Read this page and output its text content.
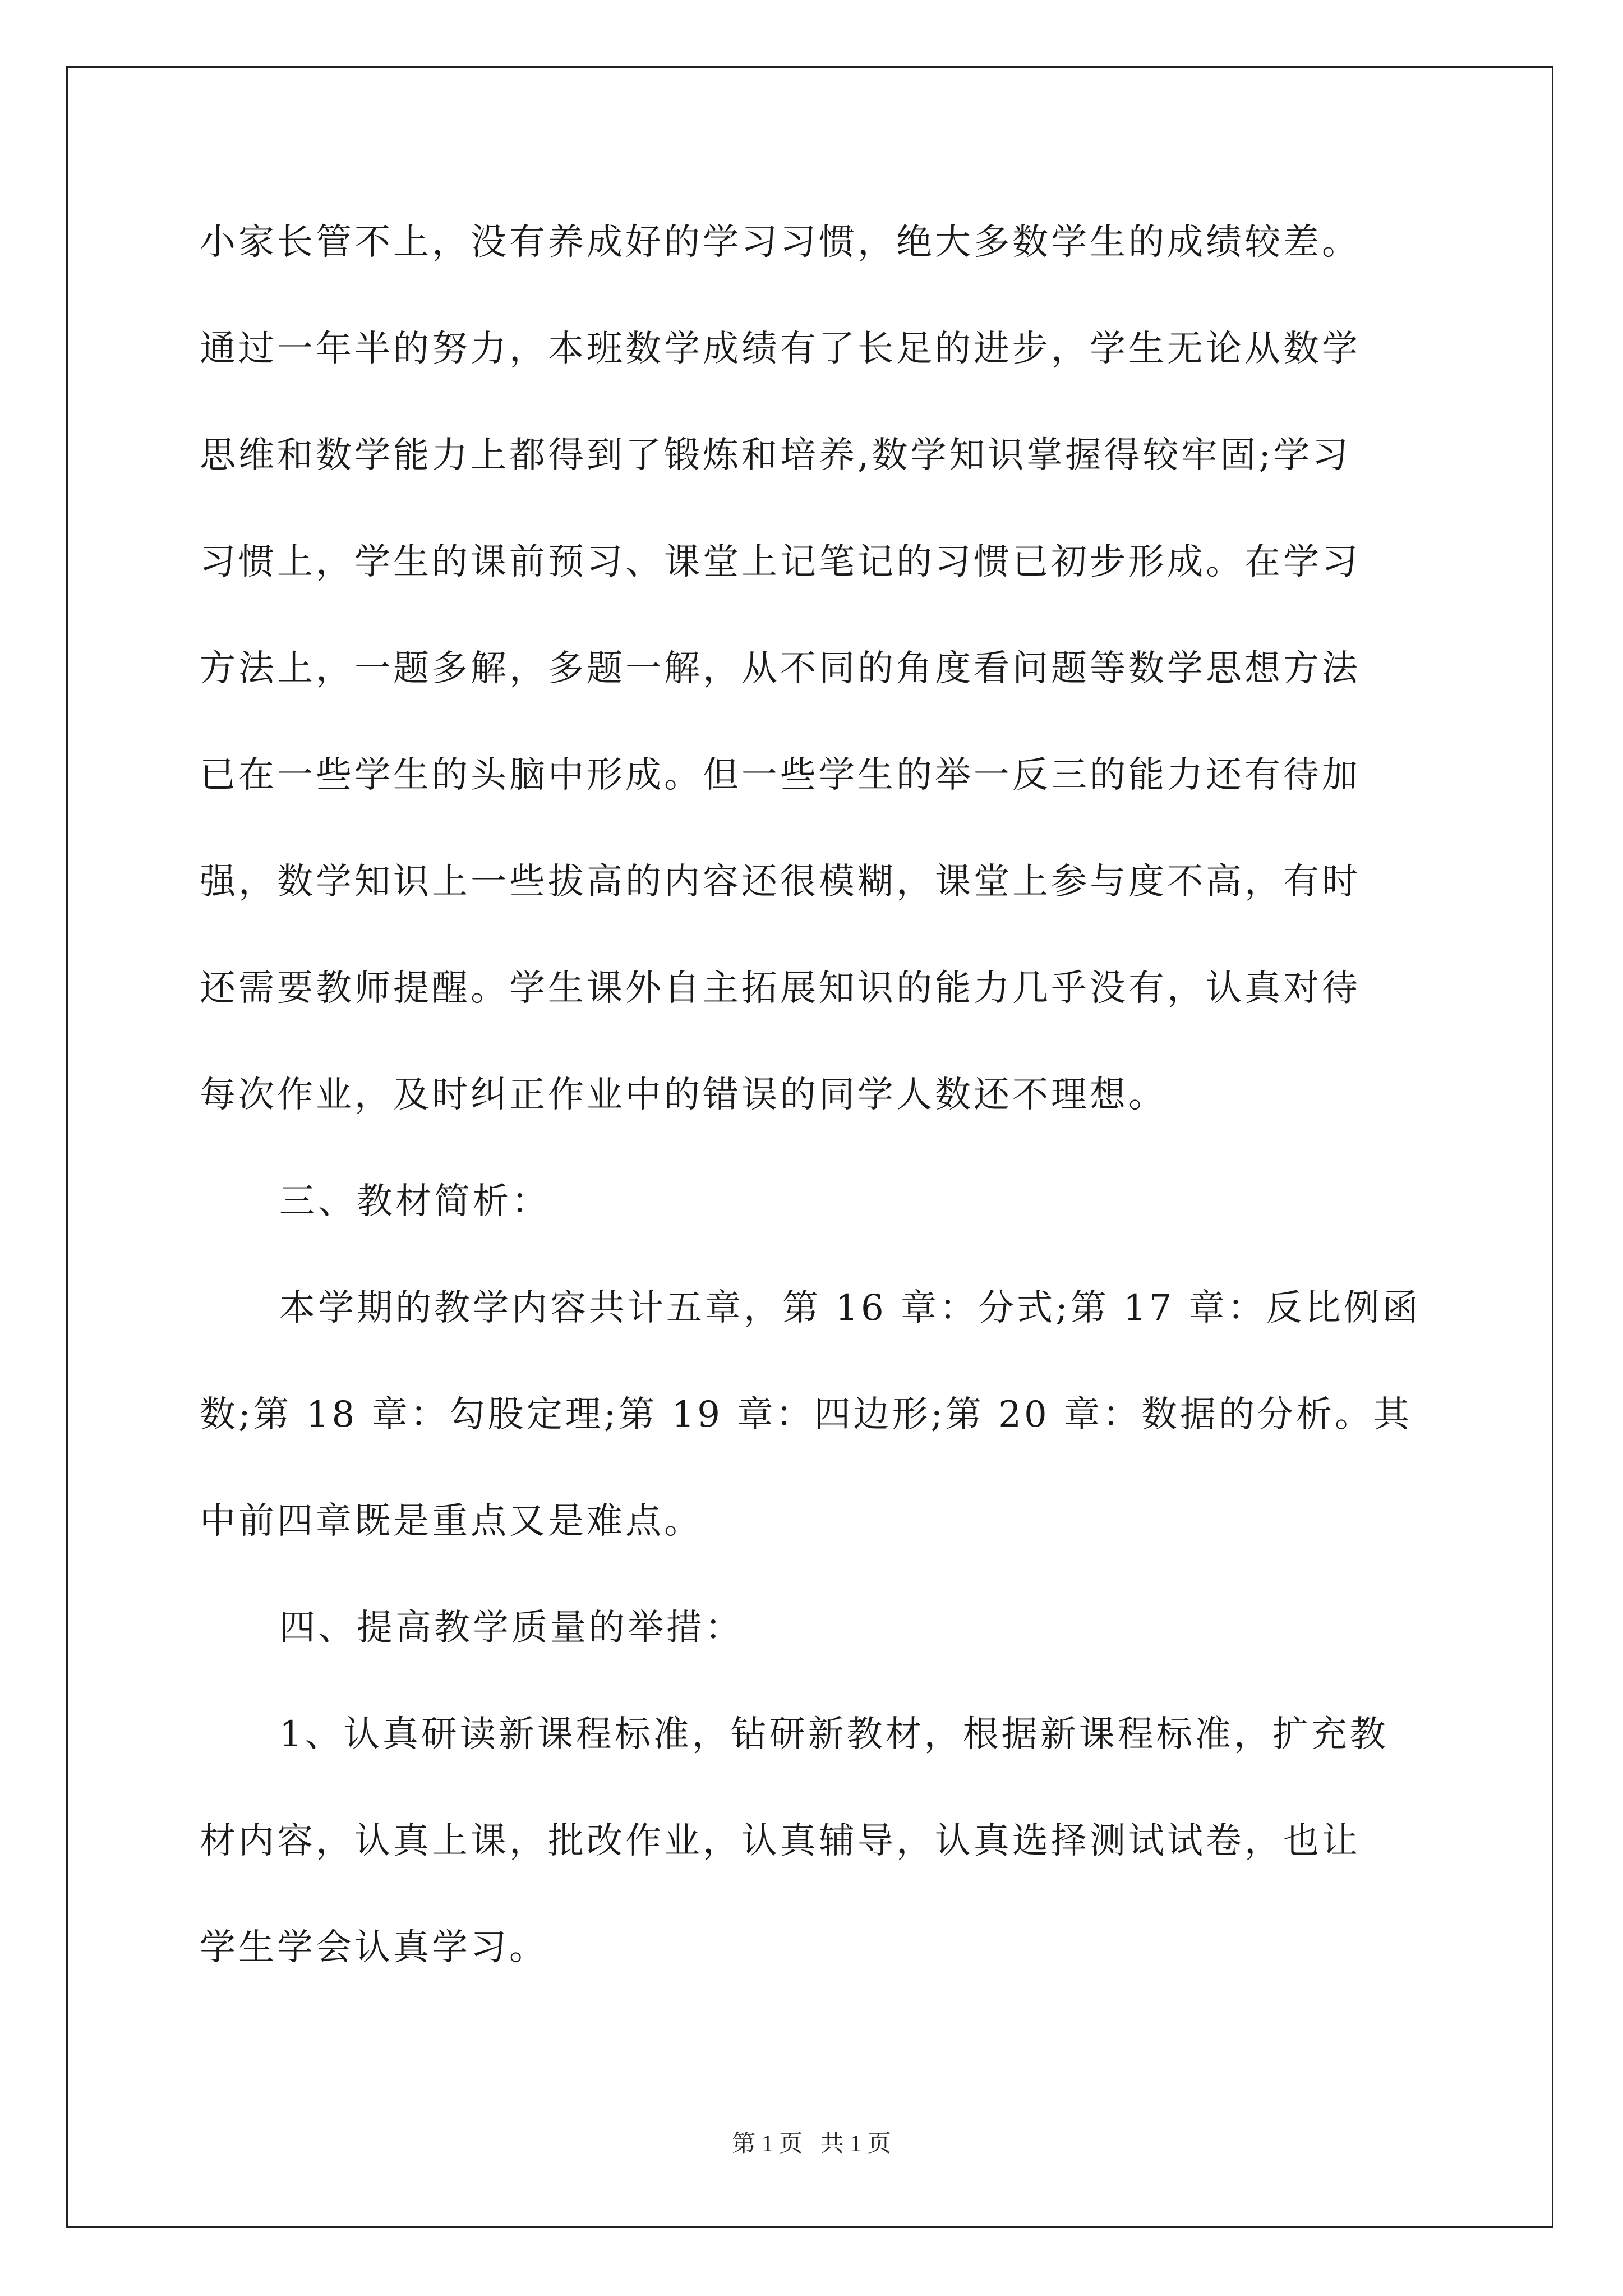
小家长管不上，没有养成好的学习习惯，绝大多数学生的成绩较差。
通过一年半的努力，本班数学成绩有了长足的进步，学生无论从数学
思维和数学能力上都得到了锻炼和培养,数学知识掌握得较牢固;学习
习惯上，学生的课前预习、课堂上记笔记的习惯已初步形成。在学习
方法上，一题多解，多题一解，从不同的角度看问题等数学思想方法
已在一些学生的头脑中形成。但一些学生的举一反三的能力还有待加
强，数学知识上一些拔高的内容还很模糊，课堂上参与度不高，有时
还需要教师提醒。学生课外自主拓展知识的能力几乎没有，认真对待
每次作业，及时纠正作业中的错误的同学人数还不理想。
三、教材简析：
本学期的教学内容共计五章，第 16 章：分式;第 17 章：反比例函
数;第 18 章：勾股定理;第 19 章：四边形;第 20 章：数据的分析。其
中前四章既是重点又是难点。
四、提高教学质量的举措：
1、认真研读新课程标准，钻研新教材，根据新课程标准，扩充教
材内容，认真上课，批改作业，认真辅导，认真选择测试试卷，也让
学生学会认真学习。
第 1 页   共 1 页
